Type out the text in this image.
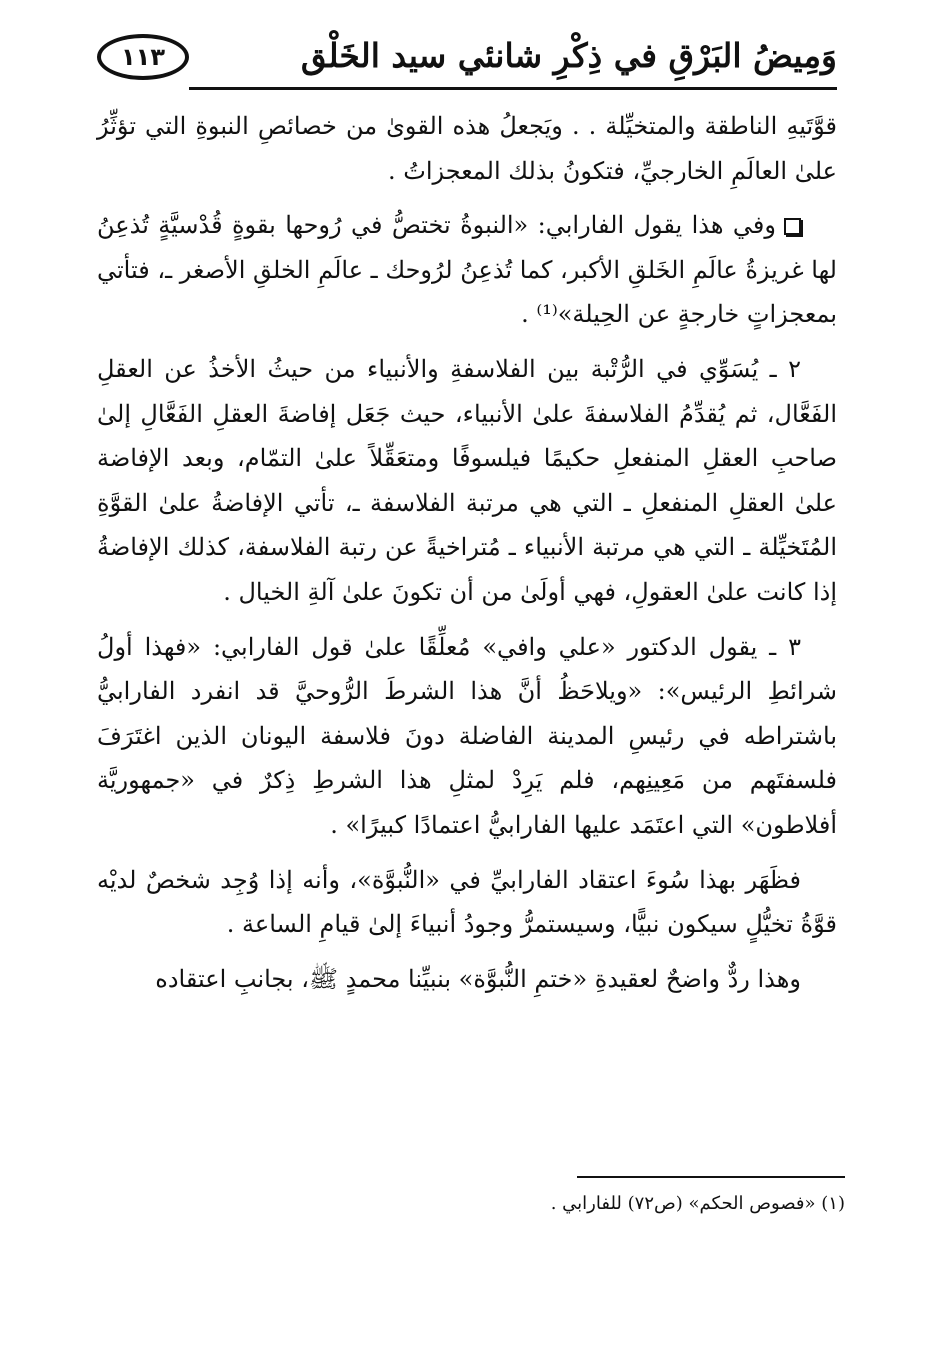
وَمِيضُ البَرْقِ في ذِكْرِ شانئي سيد الخَلْق
١١٣

قوَّتَيهِ الناطقة والمتخيِّلة . . ويَجعلُ هذه القوىٰ من خصائصِ النبوةِ التي تؤثِّرُ علىٰ العالَمِ الخارجيِّ، فتكونُ بذلك المعجزاتُ .

وفي هذا يقول الفارابي: «النبوةُ تختصُّ في رُوحها بقوةٍ قُدْسيَّةٍ تُذعِنُ لها غريزةُ عالَمِ الخَلقِ الأكبر، كما تُذعِنُ لرُوحك ـ عالَمِ الخلقِ الأصغر ـ، فتأتي بمعجزاتٍ خارجةٍ عن الحِيلة»⁽¹⁾ .

٢ ـ يُسَوِّي في الرُّتْبة بين الفلاسفةِ والأنبياء من حيثُ الأخذُ عن العقلِ الفَعَّال، ثم يُقدِّمُ الفلاسفةَ علىٰ الأنبياء، حيث جَعَل إفاضةَ العقلِ الفَعَّالِ إلىٰ صاحبِ العقلِ المنفعلِ حكيمًا فيلسوفًا ومتعَقِّلاً علىٰ التمّام، وبعد الإفاضة علىٰ العقلِ المنفعلِ ـ التي هي مرتبة الفلاسفة ـ، تأتي الإفاضةُ علىٰ القوَّةِ المُتَخيِّلة ـ التي هي مرتبة الأنبياء ـ مُتراخيةً عن رتبة الفلاسفة، كذلك الإفاضةُ إذا كانت علىٰ العقولِ، فهي أولَىٰ من أن تكونَ علىٰ آلةِ الخيال .

٣ ـ يقول الدكتور «علي وافي» مُعلِّقًا علىٰ قول الفارابي: «فهذا أولُ شرائطِ الرئيس»: «ويلاحَظُ أنَّ هذا الشرطَ الرُّوحيَّ قد انفرد الفارابيُّ باشتراطه في رئيسِ المدينة الفاضلة دونَ فلاسفة اليونان الذين اغتَرَفَ فلسفتَهم من مَعِينِهم، فلم يَرِدْ لمثلِ هذا الشرطِ ذِكرٌ في «جمهوريَّة أفلاطون» التي اعتَمَد عليها الفارابيُّ اعتمادًا كبيرًا» .

فظَهَر بهذا سُوءَ اعتقاد الفارابيِّ في «النُّبوَّة»، وأنه إذا وُجِد شخصٌ لديْه قوَّةُ تخيُّلٍ سيكون نبيًّا، وسيستمرُّ وجودُ أنبياءَ إلىٰ قيامِ الساعة .

وهذا ردٌّ واضحٌ لعقيدةِ «ختمِ النُّبوَّة» بنبيِّنا محمدٍ ﷺ، بجانبِ اعتقاده

(١) «فصوص الحكم» (ص٧٢) للفارابي .
